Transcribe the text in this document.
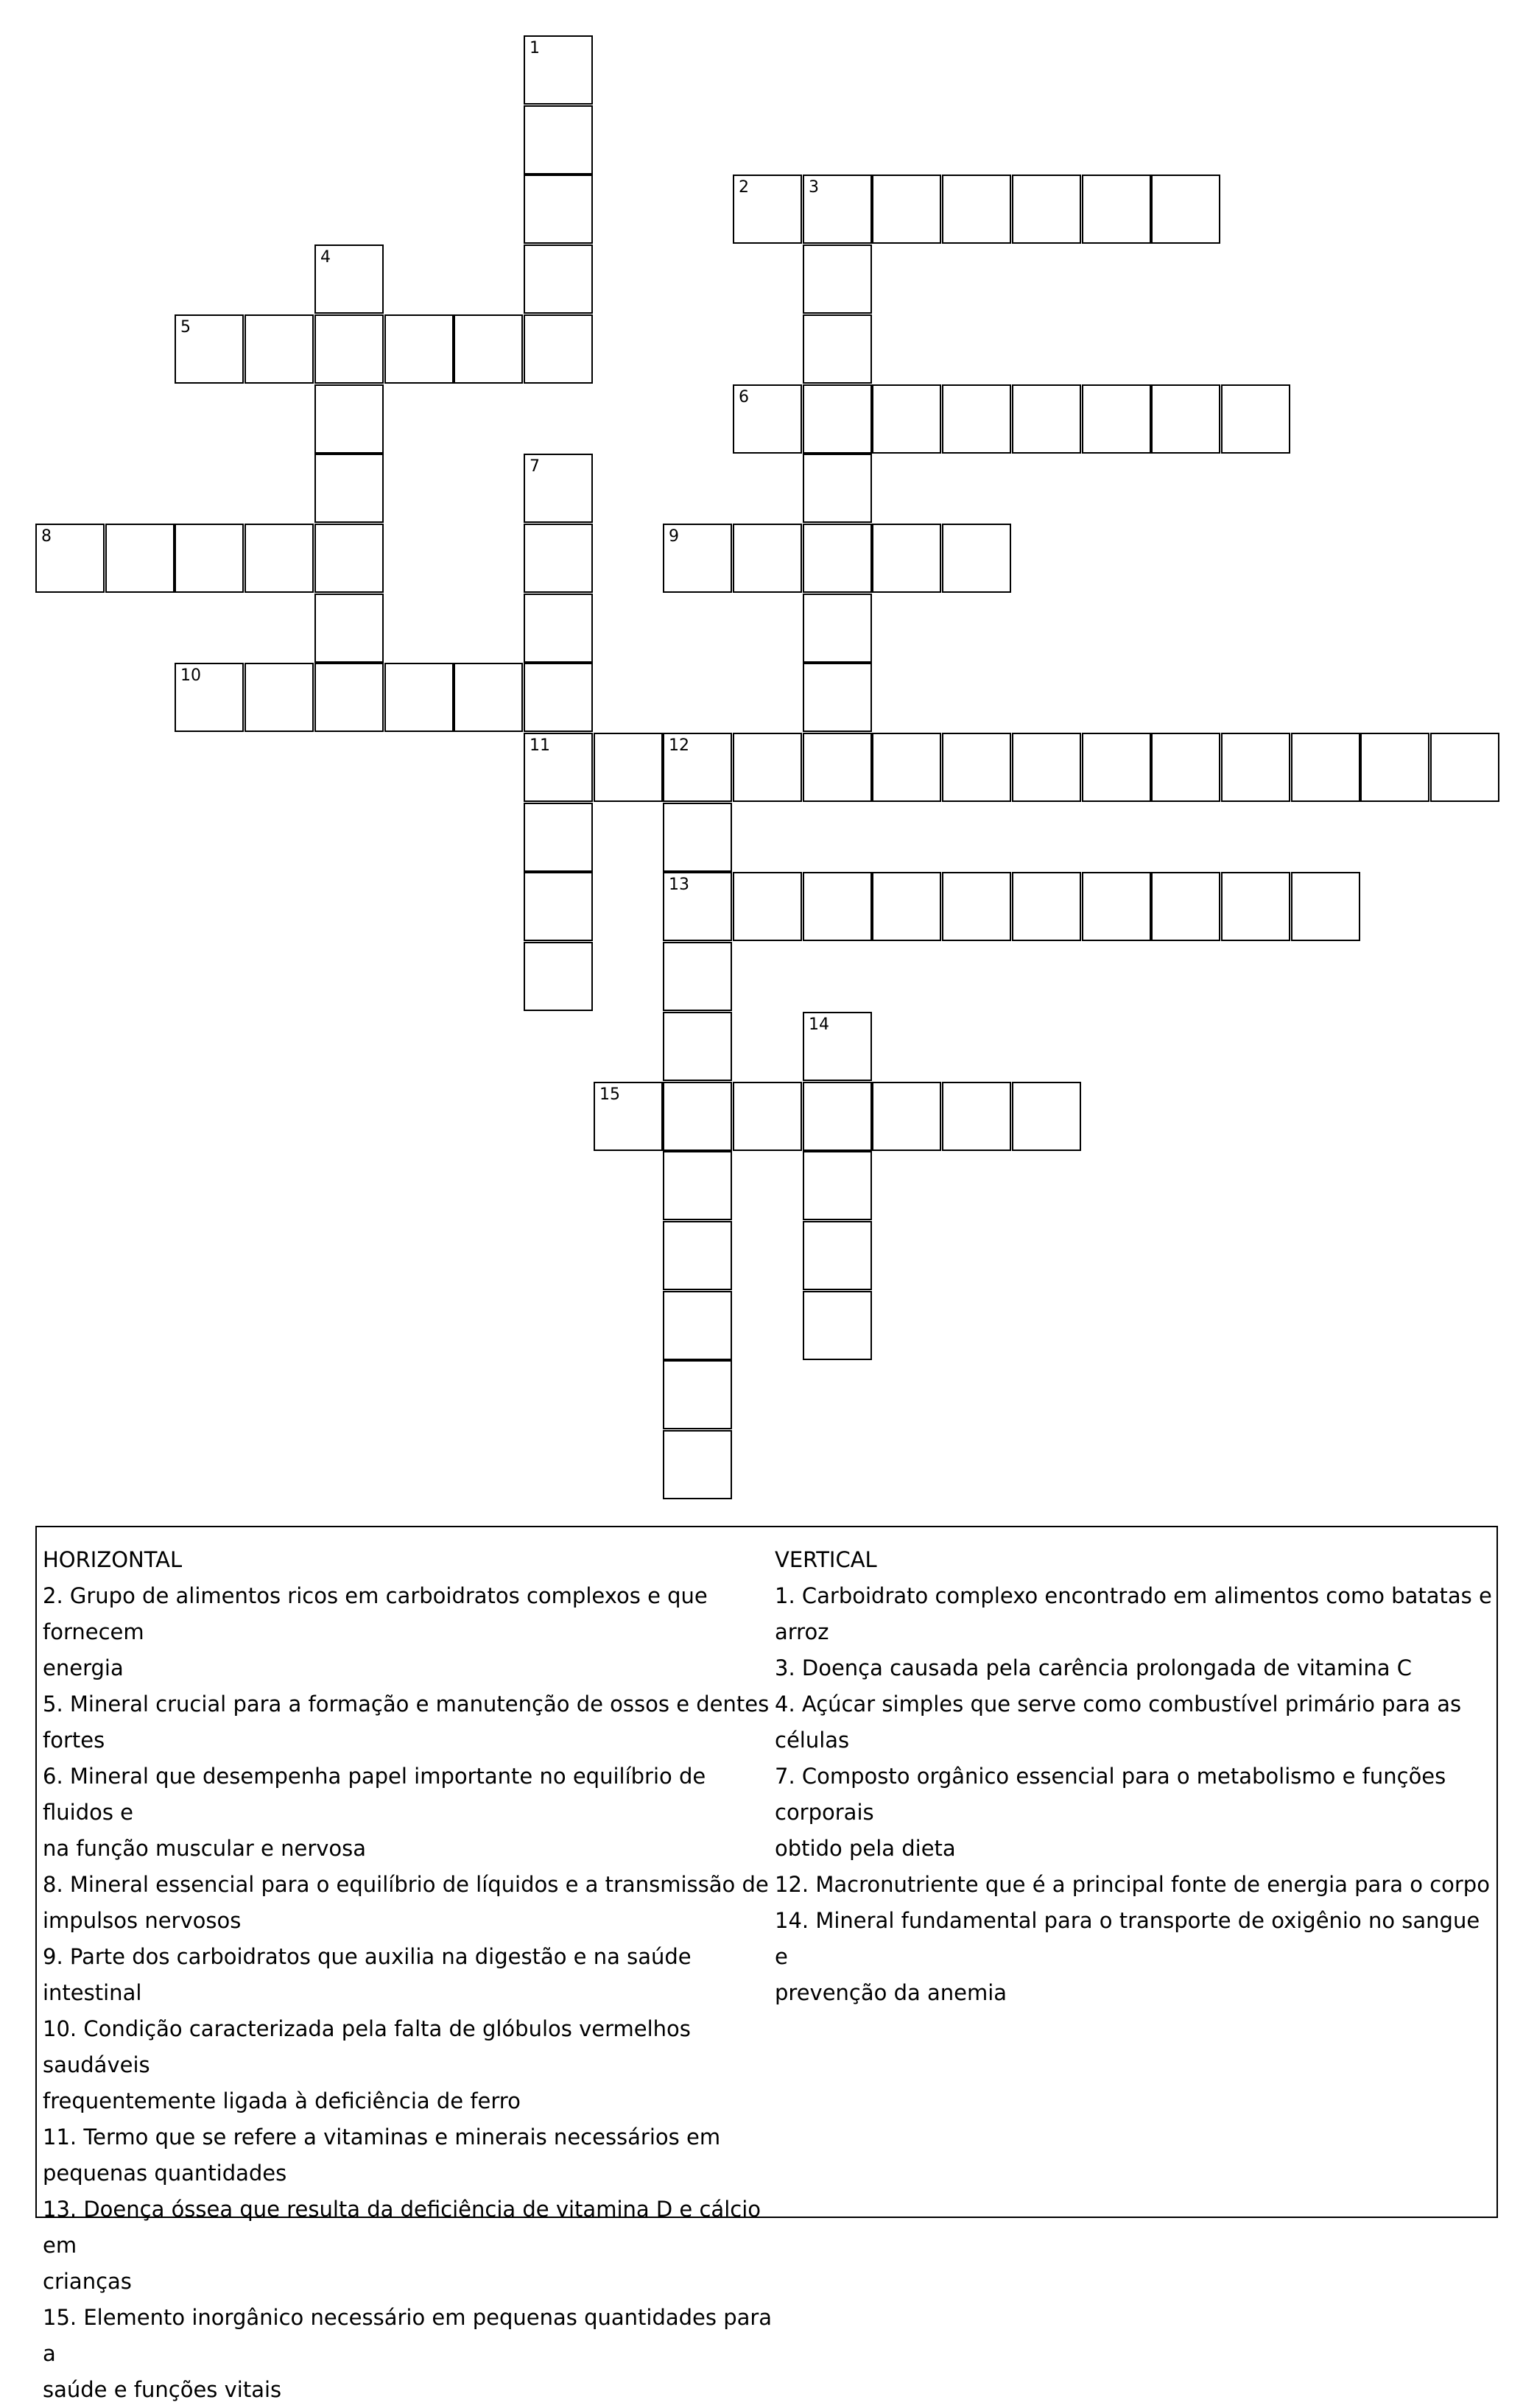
1
2	3
4
5
6
7
8	9
10
11	12
13
14
15
HORIZONTAL
2. Grupo de alimentos ricos em carboidratos complexos e que fornecem
energia
5. Mineral crucial para a formação e manutenção de ossos e dentes
fortes
6. Mineral que desempenha papel importante no equilíbrio de fluidos e
na função muscular e nervosa
8. Mineral essencial para o equilíbrio de líquidos e a transmissão de
impulsos nervosos
9. Parte dos carboidratos que auxilia na digestão e na saúde intestinal
10. Condição caracterizada pela falta de glóbulos vermelhos saudáveis
frequentemente ligada à deficiência de ferro
11. Termo que se refere a vitaminas e minerais necessários em
pequenas quantidades
13. Doença óssea que resulta da deficiência de vitamina D e cálcio em
crianças
15. Elemento inorgânico necessário em pequenas quantidades para a
saúde e funções vitais
VERTICAL
1. Carboidrato complexo encontrado em alimentos como batatas e arroz
3. Doença causada pela carência prolongada de vitamina C
4. Açúcar simples que serve como combustível primário para as células
7. Composto orgânico essencial para o metabolismo e funções corporais
obtido pela dieta
12. Macronutriente que é a principal fonte de energia para o corpo
14. Mineral fundamental para o transporte de oxigênio no sangue e
prevenção da anemia
